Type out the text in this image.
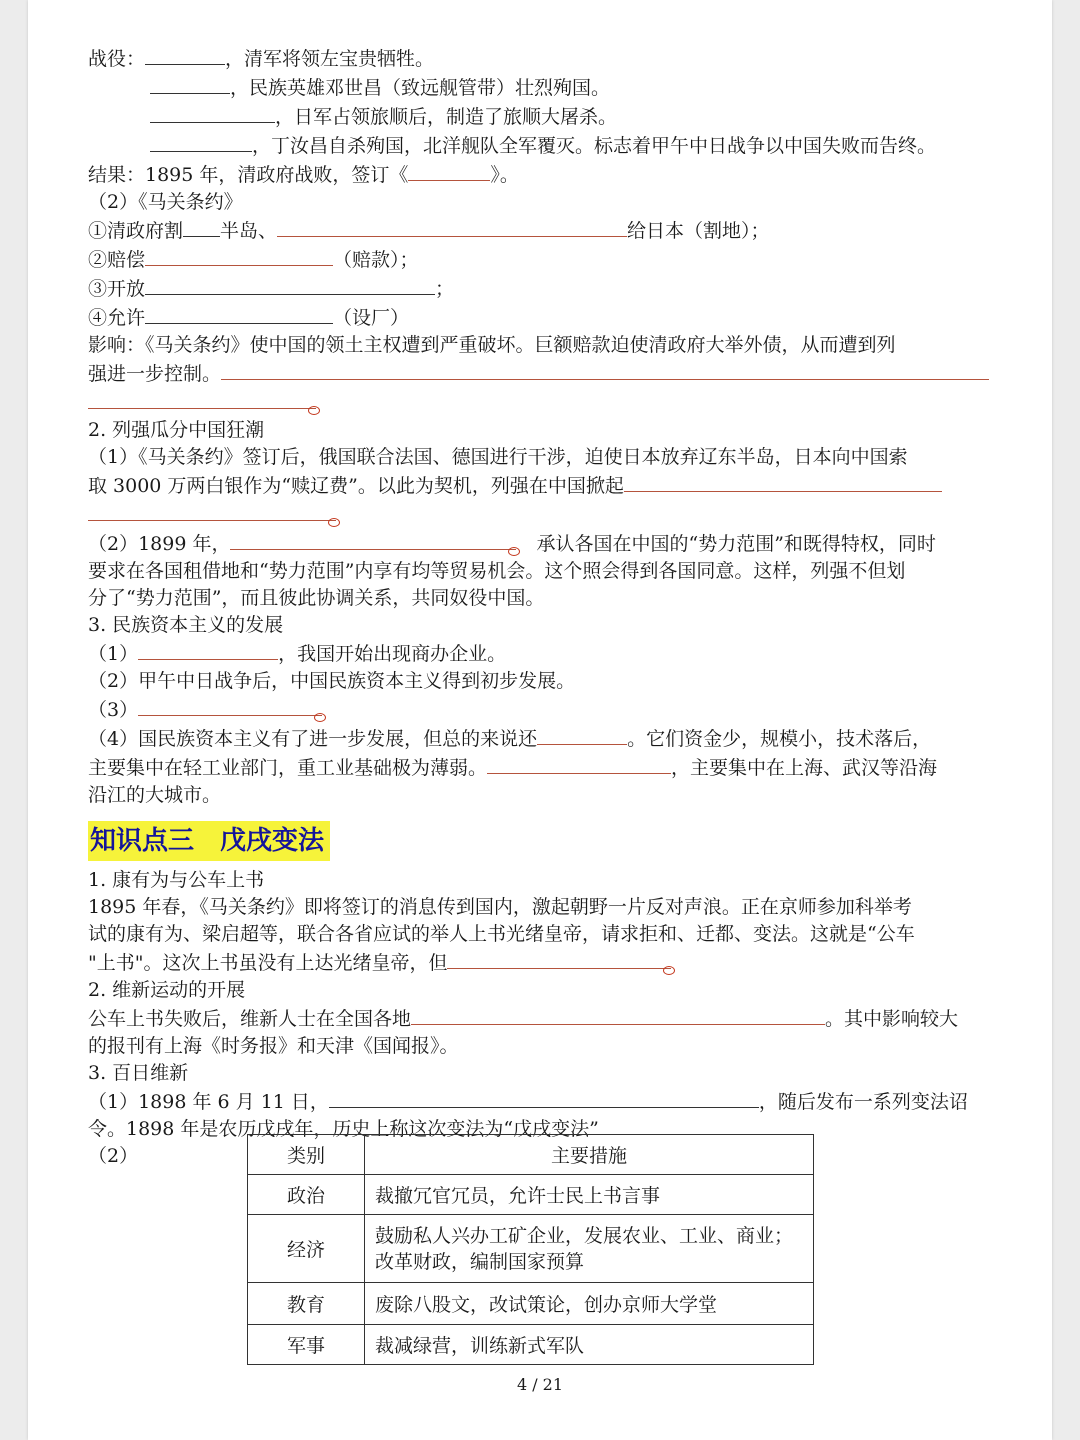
战役：	，清军将领左宝贵牺牲。
，民族英雄邓世昌（致远舰管带）壮烈殉国。
，日军占领旅顺后，制造了旅顺大屠杀。
，丁汝昌自杀殉国，北洋舰队全军覆灭。标志着甲午中日战争以中国失败而告终。
结果：1895 年，清政府战败，签订《	》。
（2）《马关条约》
①清政府割 半岛、	给日本（割地）；
②赔偿	（赔款）；
③开放	；
④允许	（设厂）
影响：《马关条约》使中国的领土主权遭到严重破坏。巨额赔款迫使清政府大举外债，从而遭到列
强进一步控制。
2. 列强瓜分中国狂潮
（1）《马关条约》签订后，俄国联合法国、德国进行干涉，迫使日本放弃辽东半岛，日本向中国索
取 3000 万两白银作为“赎辽费”。以此为契机，列强在中国掀起
（2）1899 年，	承认各国在中国的“势力范围”和既得特权，同时
要求在各国租借地和“势力范围”内享有均等贸易机会。这个照会得到各国同意。这样，列强不但划
分了“势力范围”，而且彼此协调关系，共同奴役中国。
3. 民族资本主义的发展
（1）	，我国开始出现商办企业。
（2）甲午中日战争后，中国民族资本主义得到初步发展。
（3）
（4）国民族资本主义有了进一步发展，但总的来说还	。它们资金少，规模小，技术落后，
主要集中在轻工业部门，重工业基础极为薄弱。	，主要集中在上海、武汉等沿海
沿江的大城市。
知识点三　戊戌变法
1. 康有为与公车上书
1895 年春，《马关条约》即将签订的消息传到国内，激起朝野一片反对声浪。正在京师参加科举考
试的康有为、梁启超等，联合各省应试的举人上书光绪皇帝，请求拒和、迁都、变法。这就是“公车
"上书"。这次上书虽没有上达光绪皇帝，但
2. 维新运动的开展
公车上书失败后，维新人士在全国各地	。其中影响较大
的报刊有上海《时务报》和天津《国闻报》。
3. 百日维新
（1）1898 年 6 月 11 日，	，随后发布一系列变法诏
令。1898 年是农历戊戌年，历史上称这次变法为“戊戌变法”
（2）	类别	主要措施
政治	裁撤冗官冗员，允许士民上书言事
经济	鼓励私人兴办工矿企业，发展农业、工业、商业；
改革财政，编制国家预算

教育	废除八股文，改试策论，创办京师大学堂
军事	裁减绿营，训练新式军队
4 / 21
